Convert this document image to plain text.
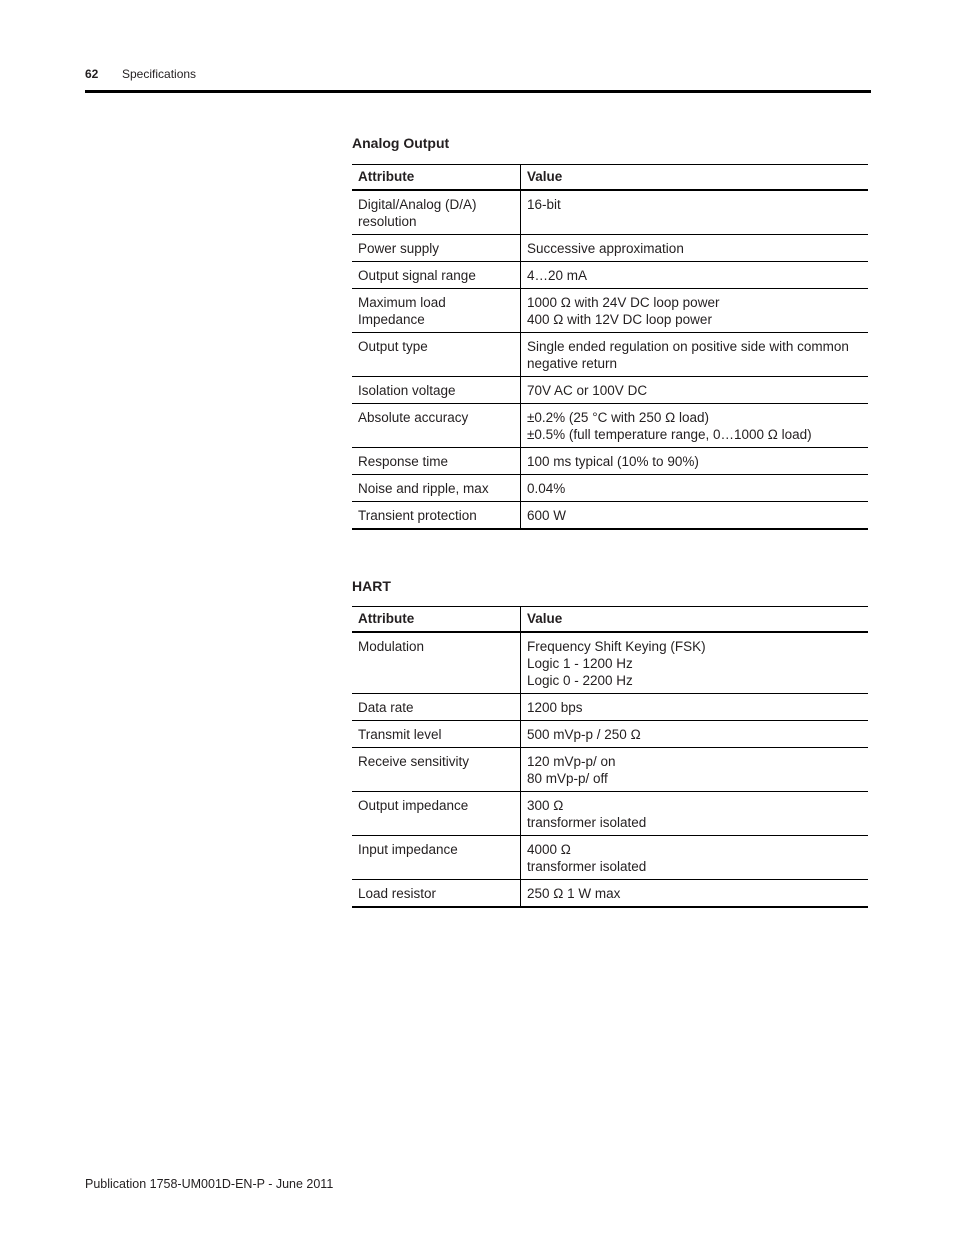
62 Specifications
Analog Output
Attribute	Value

Digital/Analog (D/A)
resolution	16-bit

Power supply	Successive approximation

Output signal range	4…20 mA

Maximum load
Impedance	1000 Ω with 24V DC loop power
400 Ω with 12V DC loop power

Output type	Single ended regulation on positive side with common
negative return

Isolation voltage	70V AC or 100V DC

Absolute accuracy	±0.2% (25 °C with 250 Ω load)
±0.5% (full temperature range, 0…1000 Ω load)

Response time	100 ms typical (10% to 90%)

Noise and ripple, max	0.04%

Transient protection	600 W
HART
Attribute	Value

Modulation	Frequency Shift Keying (FSK)
Logic 1 - 1200 Hz
Logic 0 - 2200 Hz

Data rate	1200 bps

Transmit level	500 mVp-p / 250 Ω

Receive sensitivity	120 mVp-p/ on
80 mVp-p/ off

Output impedance	300 Ω
transformer isolated

Input impedance	4000 Ω
transformer isolated

Load resistor	250 Ω 1 W max
Publication 1758-UM001D-EN-P - June 2011
